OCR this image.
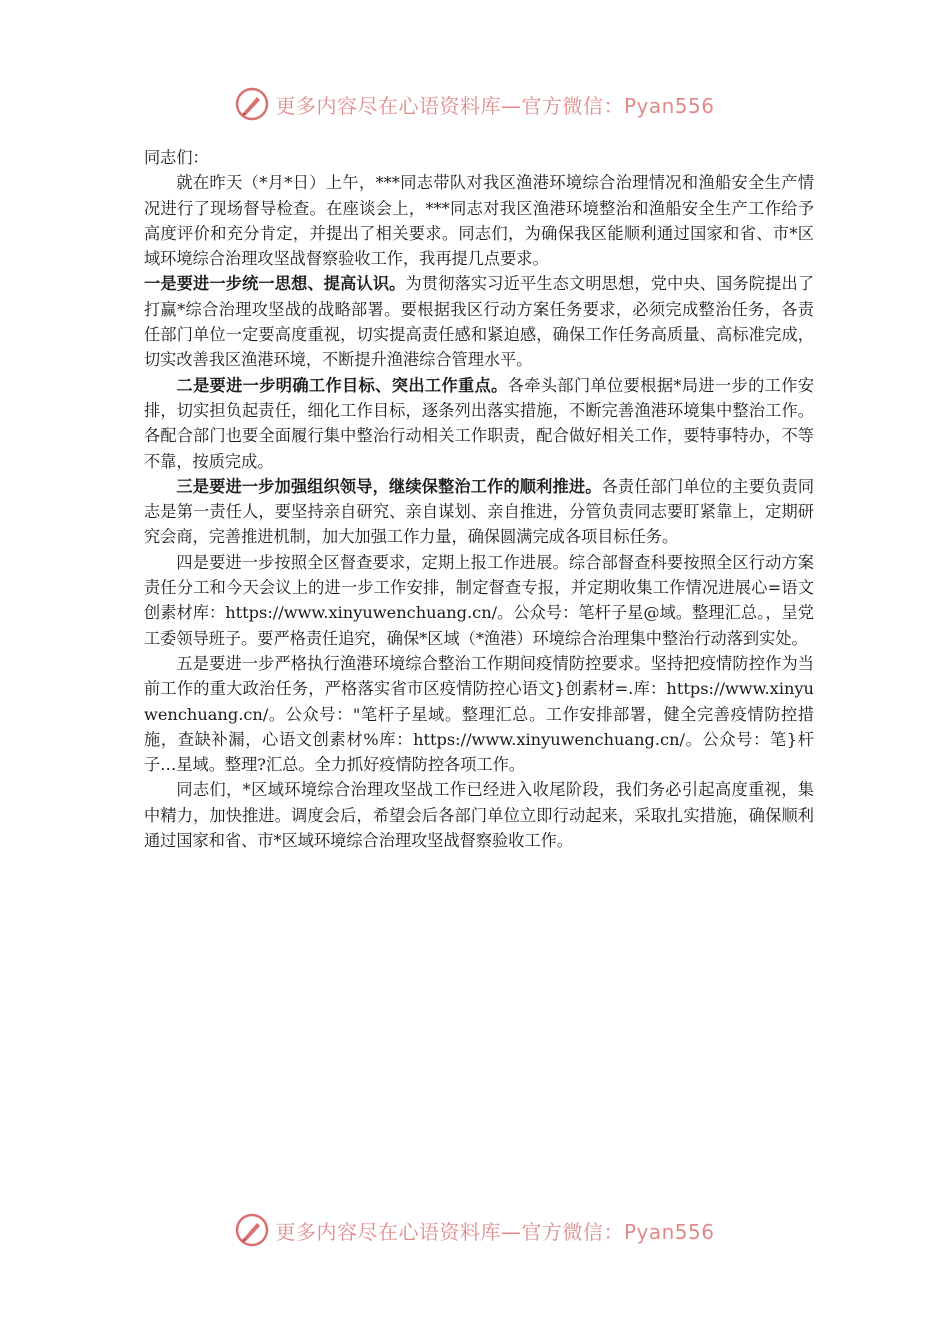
更多内容尽在心语资料库—官方微信：Pyan556

同志们：

就在昨天（*月*日）上午，***同志带队对我区渔港环境综合治理情况和渔船安全生产情况进行了现场督导检查。在座谈会上，***同志对我区渔港环境整治和渔船安全生产工作给予高度评价和充分肯定，并提出了相关要求。同志们，为确保我区能顺利通过国家和省、市*区域环境综合治理攻坚战督察验收工作，我再提几点要求。

一是要进一步统一思想、提高认识。为贯彻落实习近平生态文明思想，党中央、国务院提出了打赢*综合治理攻坚战的战略部署。要根据我区行动方案任务要求，必须完成整治任务，各责任部门单位一定要高度重视，切实提高责任感和紧迫感，确保工作任务高质量、高标准完成，切实改善我区渔港环境，不断提升渔港综合管理水平。

二是要进一步明确工作目标、突出工作重点。各牵头部门单位要根据*局进一步的工作安排，切实担负起责任，细化工作目标，逐条列出落实措施，不断完善渔港环境集中整治工作。各配合部门也要全面履行集中整治行动相关工作职责，配合做好相关工作，要特事特办，不等不靠，按质完成。

三是要进一步加强组织领导，继续保整治工作的顺利推进。各责任部门单位的主要负责同志是第一责任人，要坚持亲自研究、亲自谋划、亲自推进，分管负责同志要盯紧靠上，定期研究会商，完善推进机制，加大加强工作力量，确保圆满完成各项目标任务。

四是要进一步按照全区督查要求，定期上报工作进展。综合部督查科要按照全区行动方案责任分工和今天会议上的进一步工作安排，制定督查专报，并定期收集工作情况进展心=语文创素材库：https://www.xinyuwenchuang.cn/。公众号：笔杆子星@域。整理汇总。，呈党工委领导班子。要严格责任追究，确保*区域（*渔港）环境综合治理集中整治行动落到实处。

五是要进一步严格执行渔港环境综合整治工作期间疫情防控要求。坚持把疫情防控作为当前工作的重大政治任务，严格落实省市区疫情防控心语文}创素材=.库：https://www.xinyuwenchuang.cn/。公众号："笔杆子星域。整理汇总。工作安排部署，健全完善疫情防控措施，查缺补漏，心语文创素材%库：https://www.xinyuwenchuang.cn/。公众号：笔}杆子…星域。整理?汇总。全力抓好疫情防控各项工作。

同志们，*区域环境综合治理攻坚战工作已经进入收尾阶段，我们务必引起高度重视，集中精力，加快推进。调度会后，希望会后各部门单位立即行动起来，采取扎实措施，确保顺利通过国家和省、市*区域环境综合治理攻坚战督察验收工作。

更多内容尽在心语资料库—官方微信：Pyan556
